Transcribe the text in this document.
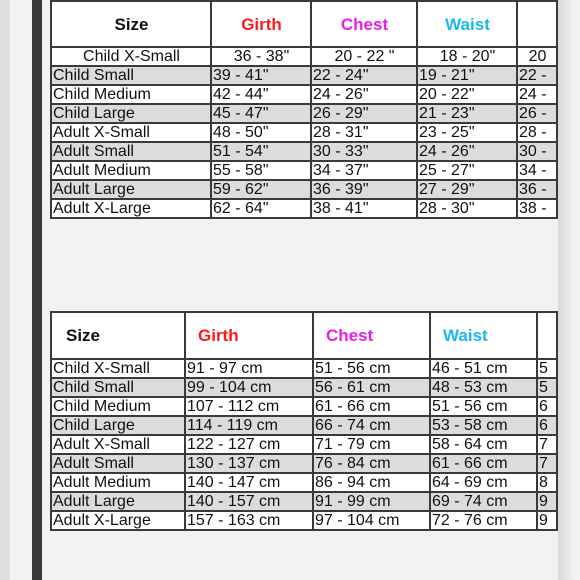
Size	Girth	Chest	Waist	
Child X-Small	36 - 38"	20 - 22 "	18 - 20"	20
Child Small	39 - 41"	22 - 24"	19 - 21"	22 -
Child Medium	42 - 44"	24 - 26"	20 - 22"	24 -
Child Large	45 - 47"	26 - 29"	21 - 23"	26 -
Adult X-Small	48 - 50"	28 - 31"	23 - 25"	28 -
Adult Small	51 - 54"	30 - 33"	24 - 26"	30 -
Adult Medium	55 - 58"	34 - 37"	25 - 27"	34 -
Adult Large	59 - 62"	36 - 39"	27 - 29"	36 -
Adult X-Large	62 - 64"	38 - 41"	28 - 30"	38 -
Size	Girth	Chest	Waist	
Child X-Small	91 - 97 cm	51 - 56 cm	46 - 51 cm	5
Child Small	99 - 104 cm	56 - 61 cm	48 - 53 cm	5
Child Medium	107 - 112 cm	61 - 66 cm	51 - 56 cm	6
Child Large	114 - 119 cm	66 - 74 cm	53 - 58 cm	6
Adult X-Small	122 - 127 cm	71 - 79 cm	58 - 64 cm	7
Adult Small	130 - 137 cm	76 - 84 cm	61 - 66 cm	7
Adult Medium	140 - 147 cm	86 - 94 cm	64 - 69 cm	8
Adult Large	140 - 157 cm	91 - 99 cm	69 - 74 cm	9
Adult X-Large	157 - 163 cm	97 - 104 cm	72 - 76 cm	9
